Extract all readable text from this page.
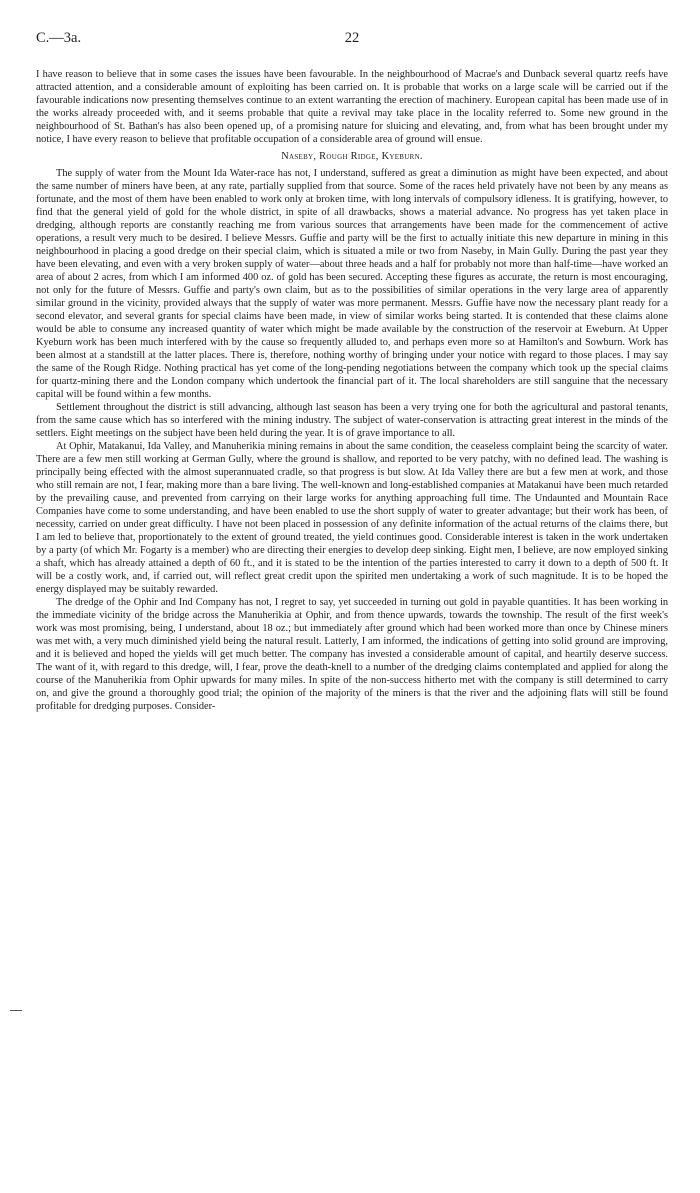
C.—3a.	22

I have reason to believe that in some cases the issues have been favourable. In the neighbourhood of Macrae's and Dunback several quartz reefs have attracted attention, and a considerable amount of exploiting has been carried on. It is probable that works on a large scale will be carried out if the favourable indications now presenting themselves continue to an extent warranting the erection of machinery. European capital has been made use of in the works already proceeded with, and it seems probable that quite a revival may take place in the locality referred to. Some new ground in the neighbourhood of St. Bathan's has also been opened up, of a promising nature for sluicing and elevating, and, from what has been brought under my notice, I have every reason to believe that profitable occupation of a considerable area of ground will ensue.

Naseby, Rough Ridge, Kyeburn.

The supply of water from the Mount Ida Water-race has not, I understand, suffered as great a diminution as might have been expected, and about the same number of miners have been, at any rate, partially supplied from that source. Some of the races held privately have not been by any means as fortunate, and the most of them have been enabled to work only at broken time, with long intervals of compulsory idleness. It is gratifying, however, to find that the general yield of gold for the whole district, in spite of all drawbacks, shows a material advance. No progress has yet taken place in dredging, although reports are constantly reaching me from various sources that arrangements have been made for the commencement of active operations, a result very much to be desired. I believe Messrs. Guffie and party will be the first to actually initiate this new departure in mining in this neighbourhood in placing a good dredge on their special claim, which is situated a mile or two from Naseby, in Main Gully. During the past year they have been elevating, and even with a very broken supply of water—about three heads and a half for probably not more than half-time—have worked an area of about 2 acres, from which I am informed 400 oz. of gold has been secured. Accepting these figures as accurate, the return is most encouraging, not only for the future of Messrs. Guffie and party's own claim, but as to the possibilities of similar operations in the very large area of apparently similar ground in the vicinity, provided always that the supply of water was more permanent. Messrs. Guffie have now the necessary plant ready for a second elevator, and several grants for special claims have been made, in view of similar works being started. It is contended that these claims alone would be able to consume any increased quantity of water which might be made available by the construction of the reservoir at Eweburn. At Upper Kyeburn work has been much interfered with by the cause so frequently alluded to, and perhaps even more so at Hamilton's and Sowburn. Work has been almost at a standstill at the latter places. There is, therefore, nothing worthy of bringing under your notice with regard to those places. I may say the same of the Rough Ridge. Nothing practical has yet come of the long-pending negotiations between the company which took up the special claims for quartz-mining there and the London company which undertook the financial part of it. The local shareholders are still sanguine that the necessary capital will be found within a few months.

Settlement throughout the district is still advancing, although last season has been a very trying one for both the agricultural and pastoral tenants, from the same cause which has so interfered with the mining industry. The subject of water-conservation is attracting great interest in the minds of the settlers. Eight meetings on the subject have been held during the year. It is of grave importance to all.

At Ophir, Matakanui, Ida Valley, and Manuherikia mining remains in about the same condition, the ceaseless complaint being the scarcity of water. There are a few men still working at German Gully, where the ground is shallow, and reported to be very patchy, with no defined lead. The washing is principally being effected with the almost superannuated cradle, so that progress is but slow. At Ida Valley there are but a few men at work, and those who still remain are not, I fear, making more than a bare living. The well-known and long-established companies at Matakanui have been much retarded by the prevailing cause, and prevented from carrying on their large works for anything approaching full time. The Undaunted and Mountain Race Companies have come to some understanding, and have been enabled to use the short supply of water to greater advantage; but their work has been, of necessity, carried on under great difficulty. I have not been placed in possession of any definite information of the actual returns of the claims there, but I am led to believe that, proportionately to the extent of ground treated, the yield continues good. Considerable interest is taken in the work undertaken by a party (of which Mr. Fogarty is a member) who are directing their energies to develop deep sinking. Eight men, I believe, are now employed sinking a shaft, which has already attained a depth of 60 ft., and it is stated to be the intention of the parties interested to carry it down to a depth of 500 ft. It will be a costly work, and, if carried out, will reflect great credit upon the spirited men undertaking a work of such magnitude. It is to be hoped the energy displayed may be suitably rewarded.

The dredge of the Ophir and Ind Company has not, I regret to say, yet succeeded in turning out gold in payable quantities. It has been working in the immediate vicinity of the bridge across the Manuherikia at Ophir, and from thence upwards, towards the township. The result of the first week's work was most promising, being, I understand, about 18 oz.; but immediately after ground which had been worked more than once by Chinese miners was met with, a very much diminished yield being the natural result. Latterly, I am informed, the indications of getting into solid ground are improving, and it is believed and hoped the yields will get much better. The company has invested a considerable amount of capital, and heartily deserve success. The want of it, with regard to this dredge, will, I fear, prove the death-knell to a number of the dredging claims contemplated and applied for along the course of the Manuherikia from Ophir upwards for many miles. In spite of the non-success hitherto met with the company is still determined to carry on, and give the ground a thoroughly good trial; the opinion of the majority of the miners is that the river and the adjoining flats will still be found profitable for dredging purposes. Consider-
